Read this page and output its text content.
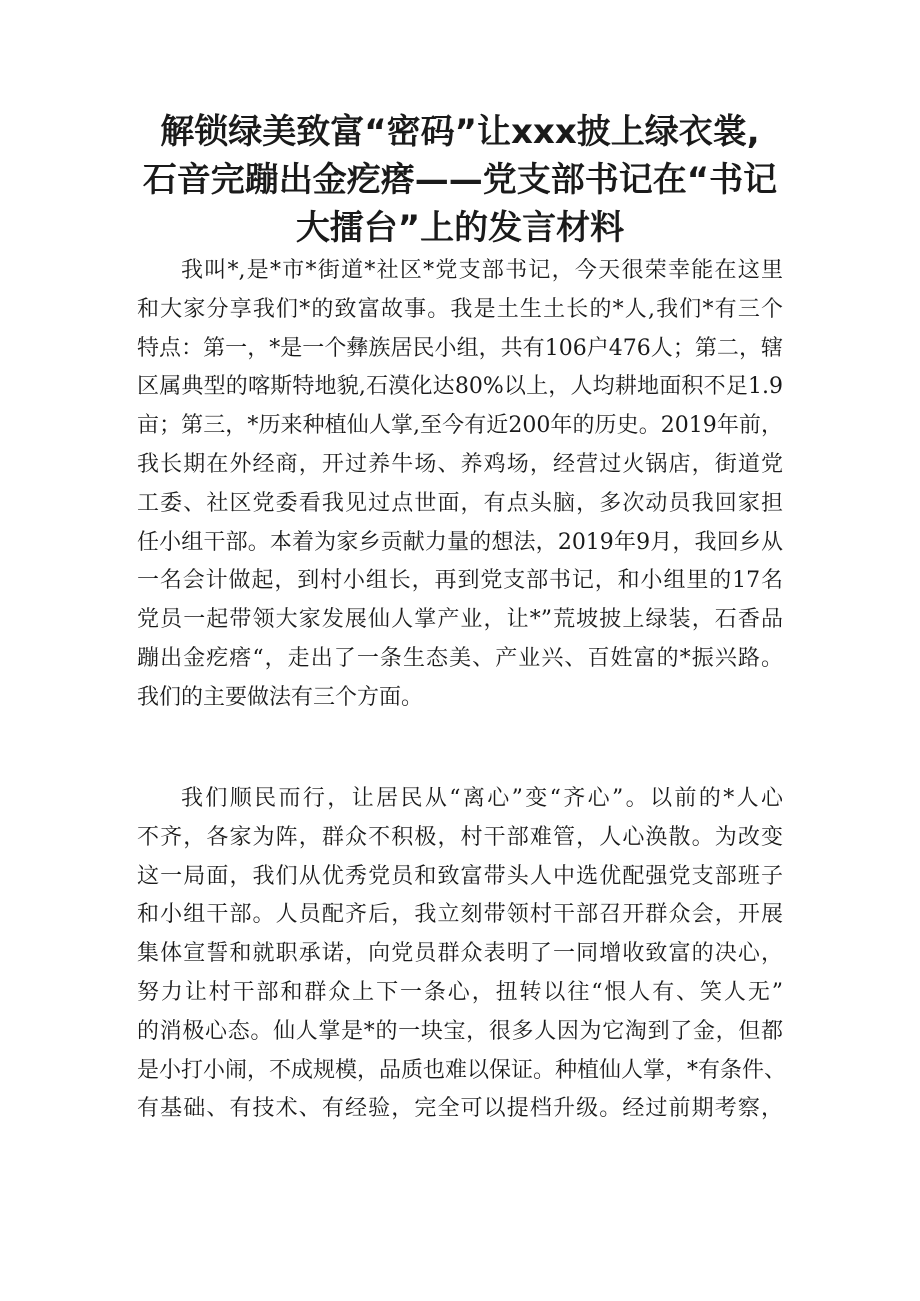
解锁绿美致富“密码”让xxx披上绿衣裳,
石音完蹦出金疙瘩——党支部书记在“书记
大擂台”上的发言材料
我叫*,是*市*街道*社区*党支部书记，今天很荣幸能在这里
和大家分享我们*的致富故事。我是土生土长的*人,我们*有三个
特点：第一，*是一个彝族居民小组，共有106户476人；第二，辖
区属典型的喀斯特地貌,石漠化达80%以上，人均耕地面积不足1.9
亩；第三，*历来种植仙人掌,至今有近200年的历史。2019年前，
我长期在外经商，开过养牛场、养鸡场，经营过火锅店，街道党
工委、社区党委看我见过点世面，有点头脑，多次动员我回家担
任小组干部。本着为家乡贡献力量的想法，2019年9月，我回乡从
一名会计做起，到村小组长，再到党支部书记，和小组里的17名
党员一起带领大家发展仙人掌产业，让*”荒坡披上绿装，石香品
蹦出金疙瘩“，走出了一条生态美、产业兴、百姓富的*振兴路。
我们的主要做法有三个方面。
我们顺民而行，让居民从“离心”变“齐心”。以前的*人心
不齐，各家为阵，群众不积极，村干部难管，人心涣散。为改变
这一局面，我们从优秀党员和致富带头人中选优配强党支部班子
和小组干部。人员配齐后，我立刻带领村干部召开群众会，开展
集体宣誓和就职承诺，向党员群众表明了一同增收致富的决心，
努力让村干部和群众上下一条心，扭转以往“恨人有、笑人无”
的消极心态。仙人掌是*的一块宝，很多人因为它淘到了金，但都
是小打小闹，不成规模，品质也难以保证。种植仙人掌，*有条件、
有基础、有技术、有经验，完全可以提档升级。经过前期考察，
